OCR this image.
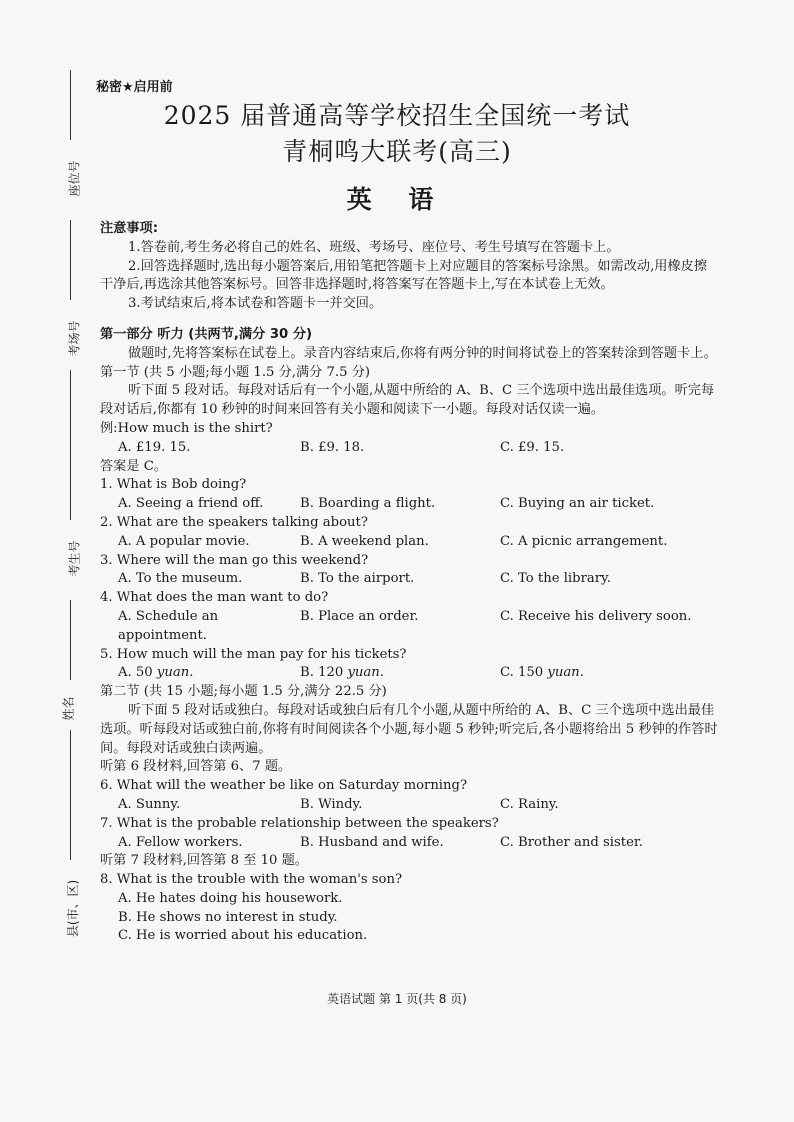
座位号
考场号
考生号
姓名
县(市、区)
秘密★启用前
2025 届普通高等学校招生全国统一考试
青桐鸣大联考(高三)
英 语

注意事项:

1.答卷前,考生务必将自己的姓名、班级、考场号、座位号、考生号填写在答题卡上。

2.回答选择题时,选出每小题答案后,用铅笔把答题卡上对应题目的答案标号涂黑。如需改动,用橡皮擦干净后,再选涂其他答案标号。回答非选择题时,将答案写在答题卡上,写在本试卷上无效。

3.考试结束后,将本试卷和答题卡一并交回。

第一部分 听力 (共两节,满分 30 分)

做题时,先将答案标在试卷上。录音内容结束后,你将有两分钟的时间将试卷上的答案转涂到答题卡上。

第一节 (共 5 小题;每小题 1.5 分,满分 7.5 分)

听下面 5 段对话。每段对话后有一个小题,从题中所给的 A、B、C 三个选项中选出最佳选项。听完每段对话后,你都有 10 秒钟的时间来回答有关小题和阅读下一小题。每段对话仅读一遍。

例:How much is the shirt?

A. £19. 15.	B. £9. 18.	C. £9. 15.

答案是 C。

1. What is Bob doing?

A. Seeing a friend off.	B. Boarding a flight.	C. Buying an air ticket.

2. What are the speakers talking about?

A. A popular movie.	B. A weekend plan.	C. A picnic arrangement.

3. Where will the man go this weekend?

A. To the museum.	B. To the airport.	C. To the library.

4. What does the man want to do?

A. Schedule an appointment.
B. Place an order.	C. Receive his delivery soon.

5. How much will the man pay for his tickets?

A. 50 yuan.	B. 120 yuan.	C. 150 yuan.

第二节 (共 15 小题;每小题 1.5 分,满分 22.5 分)

听下面 5 段对话或独白。每段对话或独白后有几个小题,从题中所给的 A、B、C 三个选项中选出最佳选项。听每段对话或独白前,你将有时间阅读各个小题,每小题 5 秒钟;听完后,各小题将给出 5 秒钟的作答时间。每段对话或独白读两遍。

听第 6 段材料,回答第 6、7 题。

6. What will the weather be like on Saturday morning?

A. Sunny.	B. Windy.	C. Rainy.

7. What is the probable relationship between the speakers?

A. Fellow workers.	B. Husband and wife.	C. Brother and sister.

听第 7 段材料,回答第 8 至 10 题。

8. What is the trouble with the woman's son?

A. He hates doing his housework.

B. He shows no interest in study.

C. He is worried about his education.

英语试题 第 1 页(共 8 页)
